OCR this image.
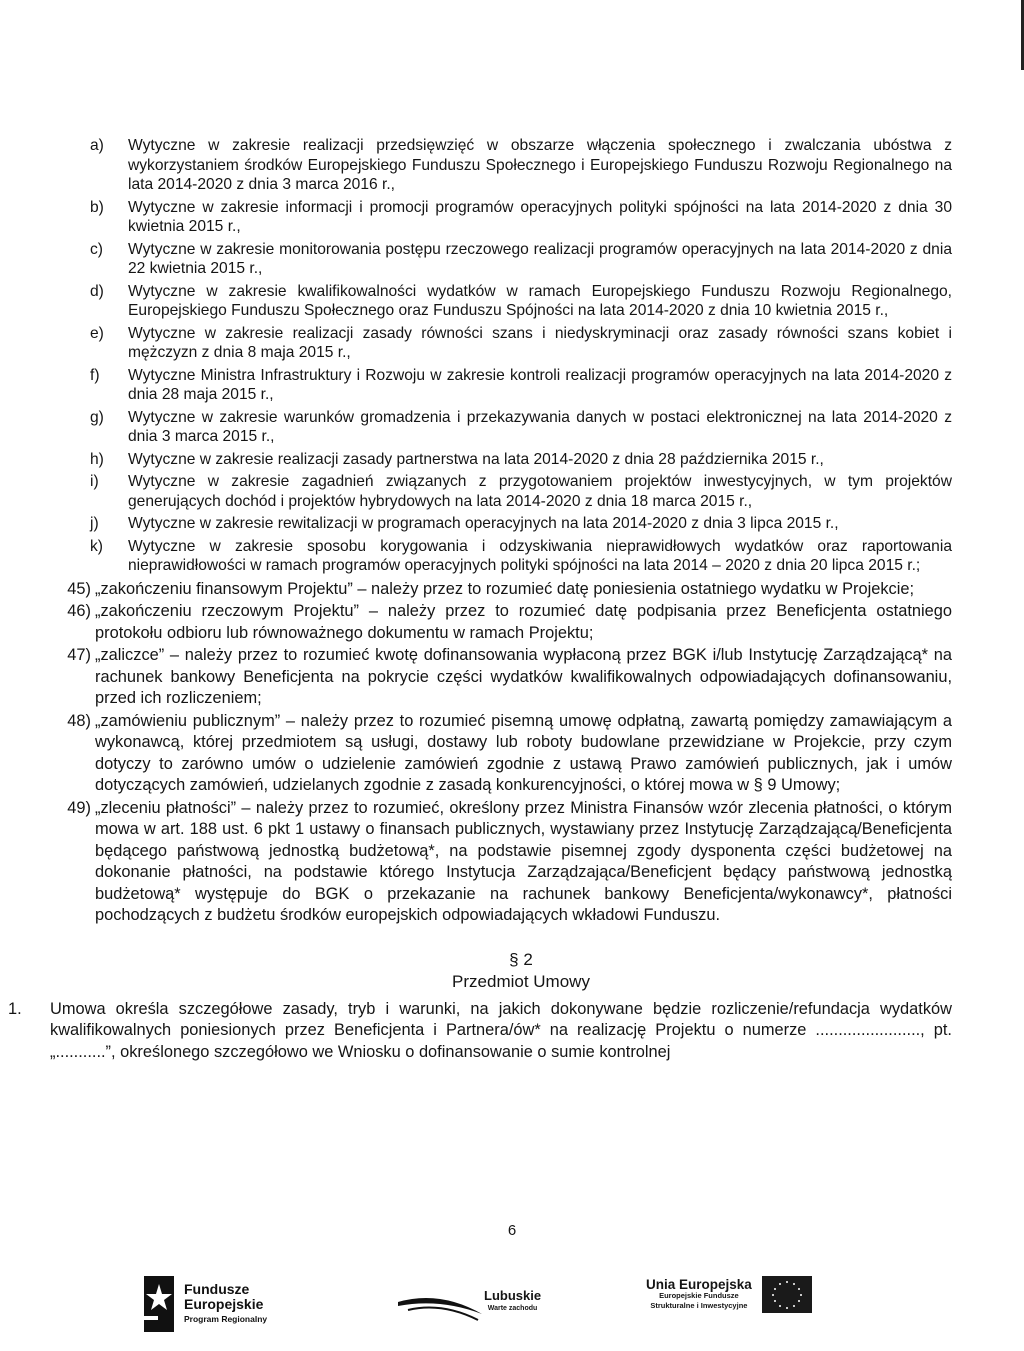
a)	Wytyczne w zakresie realizacji przedsięwzięć w obszarze włączenia społecznego i zwalczania ubóstwa z wykorzystaniem środków Europejskiego Funduszu Społecznego i Europejskiego Funduszu Rozwoju Regionalnego na lata 2014-2020 z dnia 3 marca 2016 r.,
b)	Wytyczne w zakresie informacji i promocji programów operacyjnych polityki spójności na lata 2014-2020 z dnia 30 kwietnia 2015 r.,
c)	Wytyczne w zakresie monitorowania postępu rzeczowego realizacji programów operacyjnych na lata 2014-2020 z dnia 22 kwietnia 2015 r.,
d)	Wytyczne w zakresie kwalifikowalności wydatków w ramach Europejskiego Funduszu Rozwoju Regionalnego, Europejskiego Funduszu Społecznego oraz Funduszu Spójności na lata 2014-2020 z dnia 10 kwietnia 2015 r.,
e)	Wytyczne w zakresie realizacji zasady równości szans i niedyskryminacji oraz zasady równości szans kobiet i mężczyzn z dnia 8 maja 2015 r.,
f)	Wytyczne Ministra Infrastruktury i Rozwoju w zakresie kontroli realizacji programów operacyjnych na lata 2014-2020 z dnia 28 maja 2015 r.,
g)	Wytyczne w zakresie warunków gromadzenia i przekazywania danych w postaci elektronicznej na lata 2014-2020 z dnia 3 marca 2015 r.,
h)	Wytyczne w zakresie realizacji zasady partnerstwa na lata 2014-2020 z dnia 28 października 2015 r.,
i)	Wytyczne w zakresie zagadnień związanych z przygotowaniem projektów inwestycyjnych, w tym projektów generujących dochód i projektów hybrydowych na lata 2014-2020 z dnia 18 marca 2015 r.,
j)	Wytyczne w zakresie rewitalizacji w programach operacyjnych na lata 2014-2020 z dnia 3 lipca 2015 r.,
k)	Wytyczne w zakresie sposobu korygowania i odzyskiwania nieprawidłowych wydatków oraz raportowania nieprawidłowości w ramach programów operacyjnych polityki spójności na lata 2014 – 2020 z dnia 20 lipca 2015 r.;
45) „zakończeniu finansowym Projektu” – należy przez to rozumieć datę poniesienia ostatniego wydatku w Projekcie;
46) „zakończeniu rzeczowym Projektu” – należy przez to rozumieć datę podpisania przez Beneficjenta ostatniego protokołu odbioru lub równoważnego dokumentu w ramach Projektu;
47) „zaliczce” – należy przez to rozumieć kwotę dofinansowania wypłaconą przez BGK i/lub Instytucję Zarządzającą* na rachunek bankowy Beneficjenta na pokrycie części wydatków kwalifikowalnych odpowiadających dofinansowaniu, przed ich rozliczeniem;
48) „zamówieniu publicznym” – należy przez to rozumieć pisemną umowę odpłatną, zawartą pomiędzy zamawiającym a wykonawcą, której przedmiotem są usługi, dostawy lub roboty budowlane przewidziane w Projekcie, przy czym dotyczy to zarówno umów o udzielenie zamówień zgodnie z ustawą Prawo zamówień publicznych, jak i umów dotyczących zamówień, udzielanych zgodnie z zasadą konkurencyjności, o której mowa w § 9 Umowy;
49) „zleceniu płatności” – należy przez to rozumieć, określony przez Ministra Finansów wzór zlecenia płatności, o którym mowa w art. 188 ust. 6 pkt 1 ustawy o finansach publicznych, wystawiany przez Instytucję Zarządzającą/Beneficjenta będącego państwową jednostką budżetową*, na podstawie pisemnej zgody dysponenta części budżetowej na dokonanie płatności, na podstawie którego Instytucja Zarządzająca/Beneficjent będący państwową jednostką budżetową* występuje do BGK o przekazanie na rachunek bankowy Beneficjenta/wykonawcy*, płatności pochodzących z budżetu środków europejskich odpowiadających wkładowi Funduszu.
§ 2
Przedmiot Umowy
1.	Umowa określa szczegółowe zasady, tryb i warunki, na jakich dokonywane będzie rozliczenie/refundacja wydatków kwalifikowalnych poniesionych przez Beneficjenta i Partnera/ów* na realizację Projektu o numerze ......................., pt. „...........”, określonego szczegółowo we Wniosku o dofinansowanie o sumie kontrolnej
6
Fundusze
Europejskie
Program Regionalny
Lubuskie
Warte zachodu
Unia Europejska
Europejskie Fundusze
Strukturalne i Inwestycyjne
